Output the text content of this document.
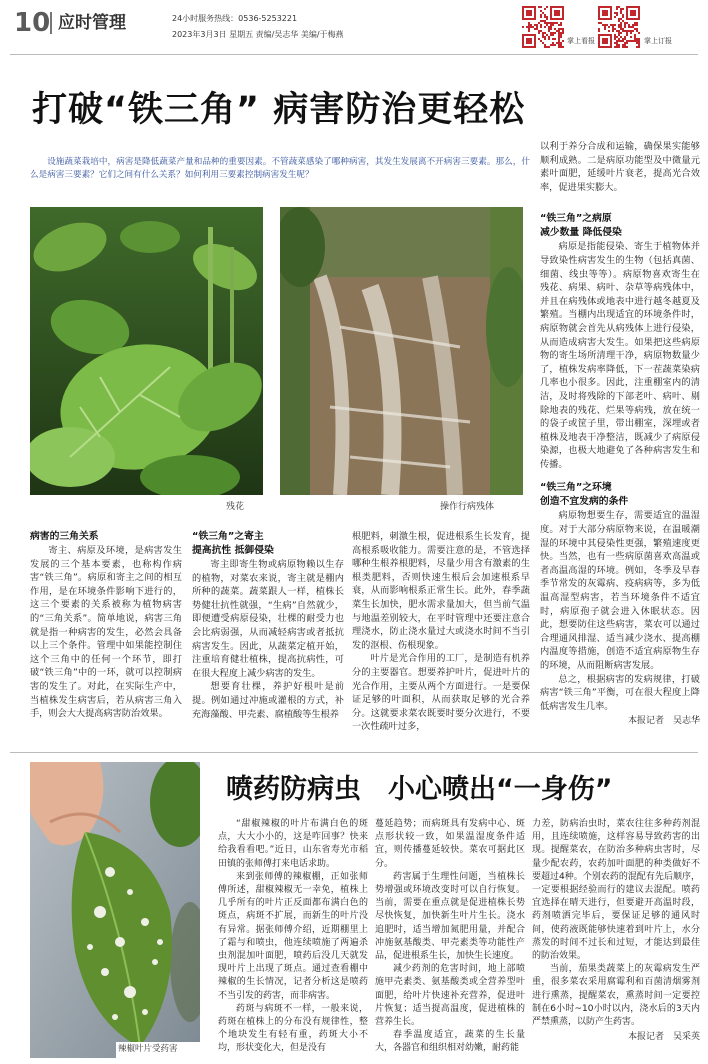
10 应时管理	24小时服务热线：0536-5253221
2023年3月3日 星期五 责编/吴志华 美编/于梅燕
掌上看报	掌上订报
打破“铁三角” 病害防治更轻松

设施蔬菜栽培中，病害是降低蔬菜产量和品种的重要因素。不管蔬菜感染了哪种病害，其发生发展离不开病害三要素。那么，什么是病害三要素？它们之间有什么关系？如何利用三要素控制病害发生呢？

残花	操作行病残体

病害的三角关系

寄主、病原及环境，是病害发生发展的三个基本要素，也称构作病害“铁三角”。病原和寄主之间的相互作用，是在环境条件影响下进行的，这三个要素的关系被称为植物病害的“三角关系”。简单地说，病害三角就是指一种病害的发生，必然会具备以上三个条件。管理中如果能控制住这个三角中的任何一个环节，即打破“铁三角”中的一环，就可以控制病害的发生了。对此，在实际生产中，当植株发生病害后，若从病害三角入手，则会大大提高病害防治效果。

“铁三角”之寄主

提高抗性 抵御侵染

寄主即寄生物或病原物赖以生存的植物，对菜农来说，寄主就是棚内所种的蔬菜。蔬菜跟人一样，植株长势健壮抗性就强，“生病”自然就少，即便遭受病原侵染，壮棵的耐受力也会比病弱强，从而减轻病害或者抵抗病害发生。因此，从蔬菜定植开始，注重培育健壮植株，提高抗病性，可在很大程度上减少病害的发生。

想要育壮棵，养护好根叶是前提。例如通过冲施或灌根的方式，补充海藻酸、甲壳素、腐植酸等生根养

根肥料，刺激生根，促进根系生长发育，提高根系吸收能力。需要注意的是，不管选择哪种生根养根肥料，尽量少用含有激素的生根类肥料，否则快速生根后会加速根系早衰，从而影响根系正常生长。此外，春季蔬菜生长加快，肥水需求量加大，但当前气温与地温差别较大，在平时管理中还要注意合理浇水，防止浇水量过大或浇水时间不当引发的沤根、伤根现象。

叶片是光合作用的工厂，是制造有机养分的主要器官。想要养护叶片，促进叶片的光合作用，主要从两个方面进行。一是要保证足够的叶面积，从而获取足够的光合养分。这就要求菜农既要时要分次进行，不要一次性疏叶过多，

以利于养分合成和运输，确保果实能够顺利成熟。二是病原功能型及中微量元素叶面肥，延缓叶片衰老，提高光合效率，促进果实膨大。

“铁三角”之病原

减少数量 降低侵染

病原是指能侵染、寄生于植物体并导致染性病害发生的生物（包括真菌、细菌、线虫等等）。病原物喜欢寄生在残花、病果、病叶、杂草等病残体中，并且在病残体或地表中进行越冬越夏及繁殖。当棚内出现适宜的环境条件时，病原物就会首先从病残体上进行侵染，从而造成病害大发生。如果把这些病原物的寄生场所清理干净，病原物数量少了，植株发病率降低，下一茬蔬菜染病几率也小很多。因此，注重棚室内的清洁，及时将残除的下部老叶、病叶、剔除地表的残花、烂果等病残，放在统一的袋子或筐子里，带出棚室，深埋或者植株及地表干净整洁，既减少了病原侵染源，也极大地避免了各种病害发生和传播。

“铁三角”之环境

创造不宜发病的条件

病原物想要生存，需要适宜的温湿度。对于大部分病原物来说，在温暖潮湿的环境中其侵染性更强，繁殖速度更快。当然，也有一些病原菌喜欢高温或者高温高湿的环境。例如，冬季及早春季节常发的灰霉病、疫病病等，多为低温高湿型病害，若当环境条件不适宜时，病原孢子就会进入休眠状态。因此，想要防住这些病害，菜农可以通过合理通风排湿、适当减少浇水、提高棚内温度等措施，创造不适宜病原物生存的环境，从而阻断病害发展。

总之，根据病害的发病规律，打破病害“铁三角”平衡，可在很大程度上降低病害发生几率。

本报记者　吴志华

辣椒叶片受药害
喷药防病虫　小心喷出“一身伤”

“甜椒辣椒的叶片布满白色的斑点，大大小小的，这是咋回事？快来给我看看吧。”近日，山东省寿光市稻田镇的张师傅打来电话求助。

来到张师傅的辣椒棚，正如张师傅所述，甜椒辣椒无一幸免，植株上几乎所有的叶片正反面都布满白色的斑点，病斑不扩展，而新生的叶片没有异常。据张师傅介绍，近期棚里上了霜与和喷虫，他连续喷施了两遍杀虫剂混加叶面肥，喷药后没几天就发现叶片上出现了斑点。通过查看棚中辣椒的生长情况，记者分析这是喷药不当引发的药害，而非病害。

药斑与病斑不一样，一般来说，药斑在植株上的分布没有规律性，整个地块发生有轻有重，药斑大小不均，形状变化大，但是没有

蔓延趋势；而病斑具有发病中心、斑点形状较一致，如果温湿度条件适宜，则传播蔓延较快。菜农可据此区分。

药害属于生理性问题，当植株长势增强或环境改变时可以自行恢复。当前，需要在重点就是促进植株长势尽快恢复，加快新生叶片生长。浇水追肥时，适当增加氮肥用量，并配合冲施氨基酸类、甲壳素类等功能性产品，促进根系生长，加快生长速度。

减少药剂的危害时间，地上部喷施甲壳素类、氨基酸类或全营养型叶面肥，给叶片快速补充营养，促进叶片恢复；适当提高温度，促进植株的营养生长。

春季温度适宜，蔬菜的生长量大，各器官和组织相对幼嫩，耐药能

力差，防病治虫时，菜农往往多种药剂混用，且连续喷施，这样容易导致药害的出现。提醒菜农，在防治多种病虫害时，尽量少配农药，农药加叶面肥的种类做好不要超过4种。个别农药的混配有先后顺序，一定要根据经验而行的建议去混配。喷药宜选择在晴天进行，但要避开高温时段，药剂喷洒完毕后，要保证足够的通风时间，使药液既能够快速着到叶片上，水分蒸发的时间不过长和过短，才能达到最佳的防治效果。

当前，茄果类蔬菜上的灰霉病发生严重，很多菜农采用腐霉利和百菌清烟雾剂进行熏蒸，提醒菜农，熏蒸时间一定要控制在6小时~10小时以内，浇水后的3天内严禁熏蒸，以防产生药害。

本报记者　吴采英
